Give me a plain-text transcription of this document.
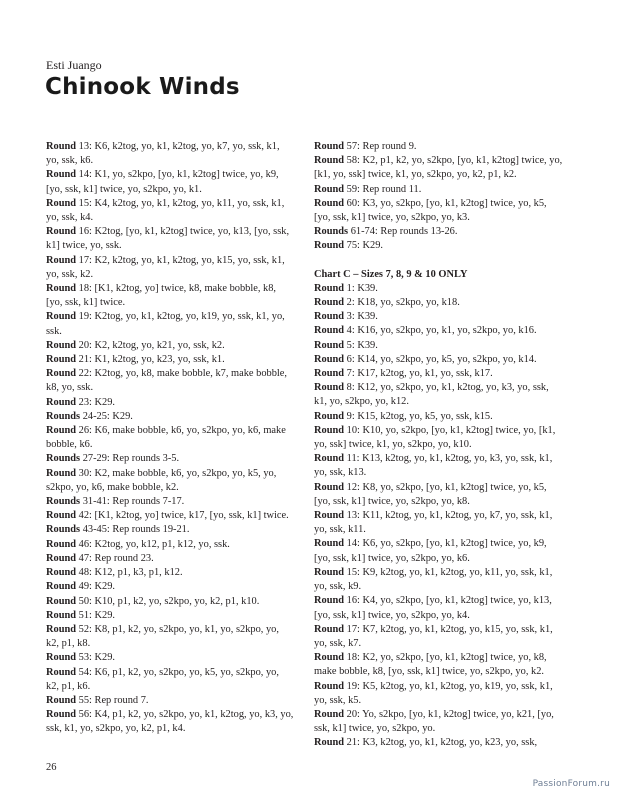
Esti Juango
Chinook Winds
Round 13: K6, k2tog, yo, k1, k2tog, yo, k7, yo, ssk, k1, yo, ssk, k6.
Round 14: K1, yo, s2kpo, [yo, k1, k2tog] twice, yo, k9, [yo, ssk, k1] twice, yo, s2kpo, yo, k1.
Round 15: K4, k2tog, yo, k1, k2tog, yo, k11, yo, ssk, k1, yo, ssk, k4.
Round 16: K2tog, [yo, k1, k2tog] twice, yo, k13, [yo, ssk, k1] twice, yo, ssk.
Round 17: K2, k2tog, yo, k1, k2tog, yo, k15, yo, ssk, k1, yo, ssk, k2.
Round 18: [K1, k2tog, yo] twice, k8, make bobble, k8, [yo, ssk, k1] twice.
Round 19: K2tog, yo, k1, k2tog, yo, k19, yo, ssk, k1, yo, ssk.
Round 20: K2, k2tog, yo, k21, yo, ssk, k2.
Round 21: K1, k2tog, yo, k23, yo, ssk, k1.
Round 22: K2tog, yo, k8, make bobble, k7, make bobble, k8, yo, ssk.
Round 23: K29.
Rounds 24-25: K29.
Round 26: K6, make bobble, k6, yo, s2kpo, yo, k6, make bobble, k6.
Rounds 27-29: Rep rounds 3-5.
Round 30: K2, make bobble, k6, yo, s2kpo, yo, k5, yo, s2kpo, yo, k6, make bobble, k2.
Rounds 31-41: Rep rounds 7-17.
Round 42: [K1, k2tog, yo] twice, k17, [yo, ssk, k1] twice.
Rounds 43-45: Rep rounds 19-21.
Round 46: K2tog, yo, k12, p1, k12, yo, ssk.
Round 47: Rep round 23.
Round 48: K12, p1, k3, p1, k12.
Round 49: K29.
Round 50: K10, p1, k2, yo, s2kpo, yo, k2, p1, k10.
Round 51: K29.
Round 52: K8, p1, k2, yo, s2kpo, yo, k1, yo, s2kpo, yo, k2, p1, k8.
Round 53: K29.
Round 54: K6, p1, k2, yo, s2kpo, yo, k5, yo, s2kpo, yo, k2, p1, k6.
Round 55: Rep round 7.
Round 56: K4, p1, k2, yo, s2kpo, yo, k1, k2tog, yo, k3, yo, ssk, k1, yo, s2kpo, yo, k2, p1, k4.
Round 57: Rep round 9.
Round 58: K2, p1, k2, yo, s2kpo, [yo, k1, k2tog] twice, yo, [k1, yo, ssk] twice, k1, yo, s2kpo, yo, k2, p1, k2.
Round 59: Rep round 11.
Round 60: K3, yo, s2kpo, [yo, k1, k2tog] twice, yo, k5, [yo, ssk, k1] twice, yo, s2kpo, yo, k3.
Rounds 61-74: Rep rounds 13-26.
Round 75: K29.
Chart C – Sizes 7, 8, 9 & 10 ONLY
Round 1: K39.
Round 2: K18, yo, s2kpo, yo, k18.
Round 3: K39.
Round 4: K16, yo, s2kpo, yo, k1, yo, s2kpo, yo, k16.
Round 5: K39.
Round 6: K14, yo, s2kpo, yo, k5, yo, s2kpo, yo, k14.
Round 7: K17, k2tog, yo, k1, yo, ssk, k17.
Round 8: K12, yo, s2kpo, yo, k1, k2tog, yo, k3, yo, ssk, k1, yo, s2kpo, yo, k12.
Round 9: K15, k2tog, yo, k5, yo, ssk, k15.
Round 10: K10, yo, s2kpo, [yo, k1, k2tog] twice, yo, [k1, yo, ssk] twice, k1, yo, s2kpo, yo, k10.
Round 11: K13, k2tog, yo, k1, k2tog, yo, k3, yo, ssk, k1, yo, ssk, k13.
Round 12: K8, yo, s2kpo, [yo, k1, k2tog] twice, yo, k5, [yo, ssk, k1] twice, yo, s2kpo, yo, k8.
Round 13: K11, k2tog, yo, k1, k2tog, yo, k7, yo, ssk, k1, yo, ssk, k11.
Round 14: K6, yo, s2kpo, [yo, k1, k2tog] twice, yo, k9, [yo, ssk, k1] twice, yo, s2kpo, yo, k6.
Round 15: K9, k2tog, yo, k1, k2tog, yo, k11, yo, ssk, k1, yo, ssk, k9.
Round 16: K4, yo, s2kpo, [yo, k1, k2tog] twice, yo, k13, [yo, ssk, k1] twice, yo, s2kpo, yo, k4.
Round 17: K7, k2tog, yo, k1, k2tog, yo, k15, yo, ssk, k1, yo, ssk, k7.
Round 18: K2, yo, s2kpo, [yo, k1, k2tog] twice, yo, k8, make bobble, k8, [yo, ssk, k1] twice, yo, s2kpo, yo, k2.
Round 19: K5, k2tog, yo, k1, k2tog, yo, k19, yo, ssk, k1, yo, ssk, k5.
Round 20: Yo, s2kpo, [yo, k1, k2tog] twice, yo, k21, [yo, ssk, k1] twice, yo, s2kpo, yo.
Round 21: K3, k2tog, yo, k1, k2tog, yo, k23, yo, ssk,
26
PassionForum.ru
